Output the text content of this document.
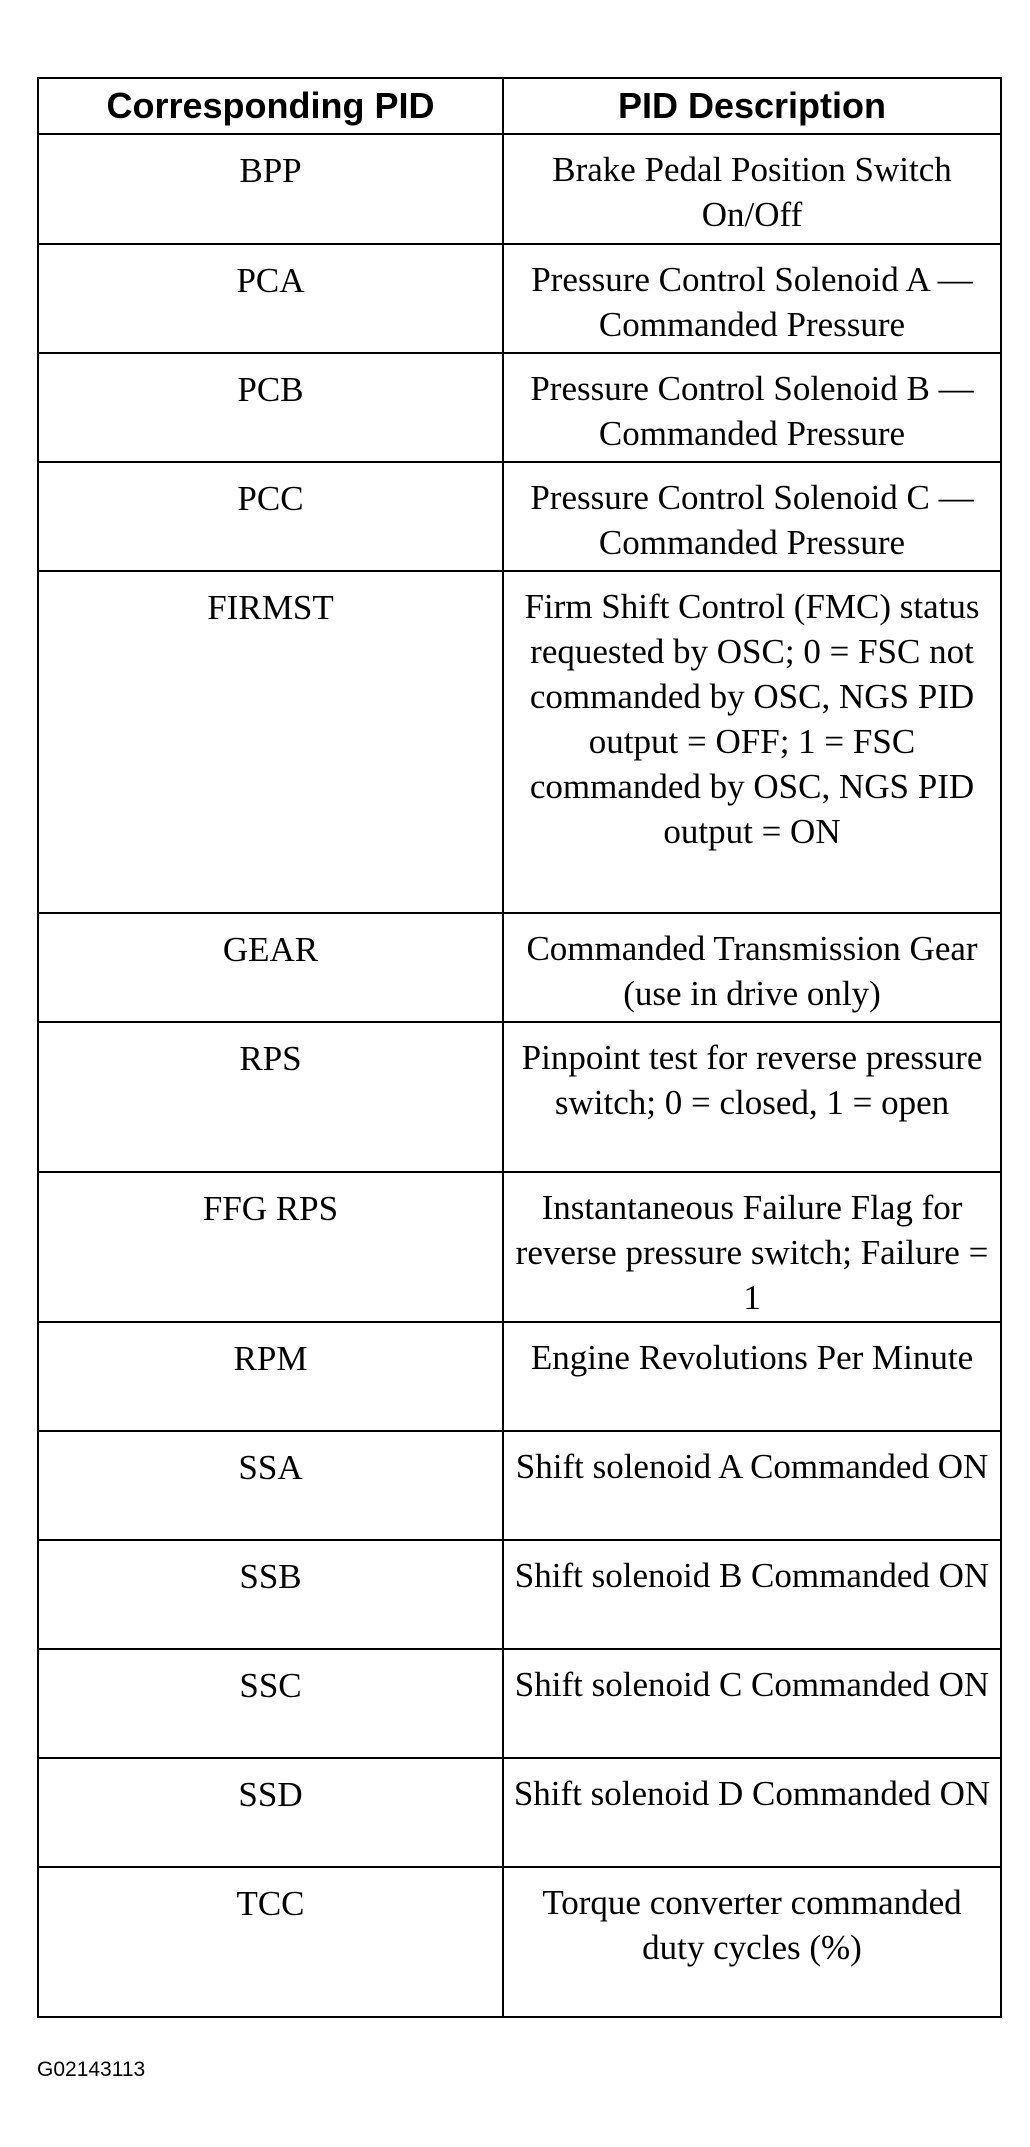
Corresponding PID	PID Description
BPP	Brake Pedal Position Switch On/Off
PCA	Pressure Control Solenoid A — Commanded Pressure
PCB	Pressure Control Solenoid B — Commanded Pressure
PCC	Pressure Control Solenoid C — Commanded Pressure
FIRMST	Firm Shift Control (FMC) status requested by OSC; 0 = FSC not commanded by OSC, NGS PID output = OFF; 1 = FSC commanded by OSC, NGS PID output = ON
GEAR	Commanded Transmission Gear (use in drive only)
RPS	Pinpoint test for reverse pressure switch; 0 = closed, 1 = open
FFG RPS	Instantaneous Failure Flag for reverse pressure switch; Failure = 1
RPM	Engine Revolutions Per Minute
SSA	Shift solenoid A Commanded ON
SSB	Shift solenoid B Commanded ON
SSC	Shift solenoid C Commanded ON
SSD	Shift solenoid D Commanded ON
TCC	Torque converter commanded duty cycles (%)
G02143113
